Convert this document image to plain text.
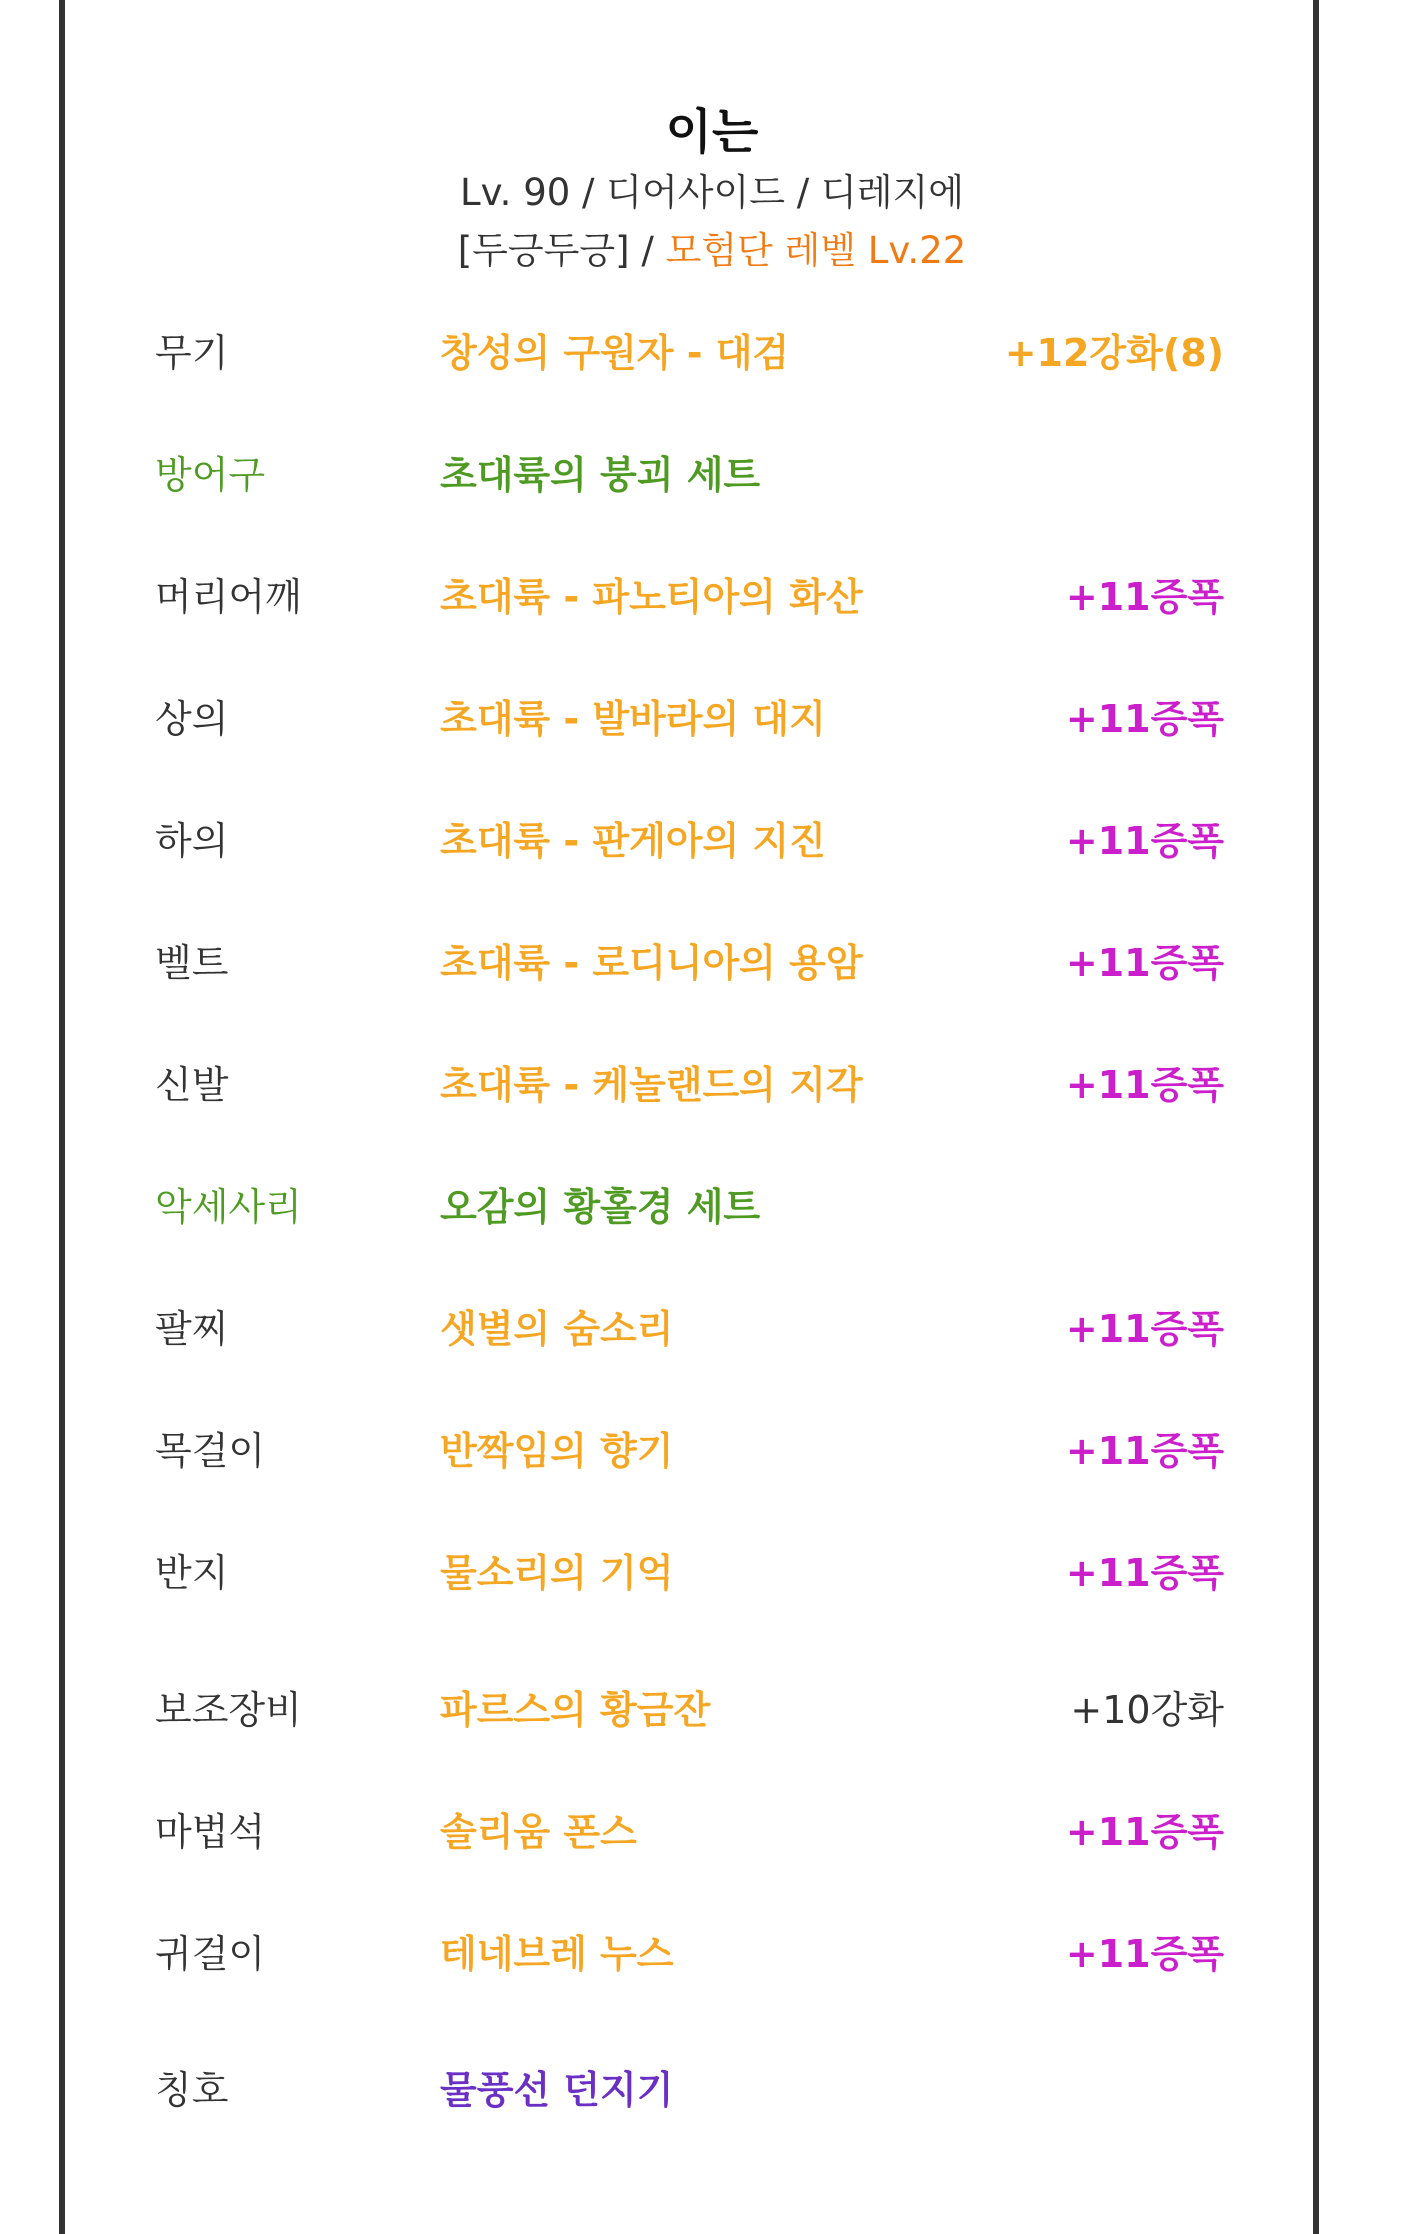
이는
Lv. 90 / 디어사이드 / 디레지에
[두긍두긍] / 모험단 레벨 Lv.22
무기	창성의 구원자 - 대검	+12강화(8)
방어구	초대륙의 붕괴 세트
머리어깨	초대륙 - 파노티아의 화산	+11증폭
상의	초대륙 - 발바라의 대지	+11증폭
하의	초대륙 - 판게아의 지진	+11증폭
벨트	초대륙 - 로디니아의 용암	+11증폭
신발	초대륙 - 케놀랜드의 지각	+11증폭
악세사리	오감의 황홀경 세트
팔찌	샛별의 숨소리	+11증폭
목걸이	반짝임의 향기	+11증폭
반지	물소리의 기억	+11증폭
보조장비	파르스의 황금잔	+10강화
마법석	솔리움 폰스	+11증폭
귀걸이	테네브레 누스	+11증폭
칭호	물풍선 던지기
